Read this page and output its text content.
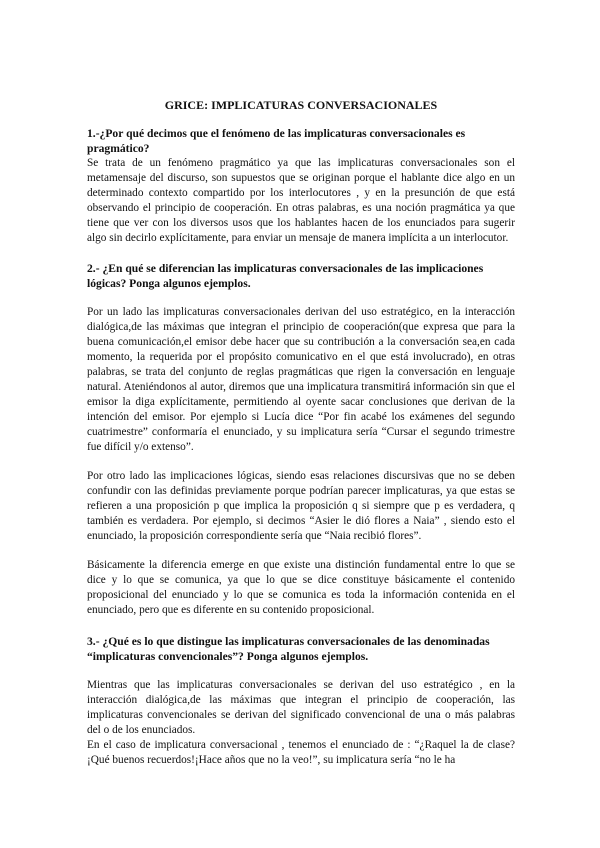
GRICE: IMPLICATURAS CONVERSACIONALES
1.-¿Por qué decimos que el fenómeno de las implicaturas conversacionales es pragmático?

Se trata de un fenómeno pragmático ya que las implicaturas conversacionales son el metamensaje del discurso, son supuestos que se originan porque el hablante dice algo en un determinado contexto compartido por los interlocutores , y en la presunción de que está observando el principio de cooperación. En otras palabras, es una noción pragmática ya que tiene que ver con los diversos usos que los hablantes hacen de los enunciados para sugerir algo sin decirlo explícitamente, para enviar un mensaje de manera implícita a un interlocutor.

2.- ¿En qué se diferencian las implicaturas conversacionales de las implicaciones lógicas? Ponga algunos ejemplos.

Por un lado las implicaturas conversacionales derivan del uso estratégico, en la interacción dialógica,de las máximas que integran el principio de cooperación(que expresa que para la buena comunicación,el emisor debe hacer que su contribución a la conversación sea,en cada momento, la requerida por el propósito comunicativo en el que está involucrado), en otras palabras, se trata del conjunto de reglas pragmáticas que rigen la conversación en lenguaje natural. Ateniéndonos al autor, diremos que una implicatura transmitirá información sin que el emisor la diga explícitamente, permitiendo al oyente sacar conclusiones que derivan de la intención del emisor. Por ejemplo si Lucía dice “Por fin acabé los exámenes del segundo cuatrimestre” conformaría el enunciado, y su implicatura sería “Cursar el segundo trimestre fue difícil y/o extenso”.

Por otro lado las implicaciones lógicas, siendo esas relaciones discursivas que no se deben confundir con las definidas previamente porque podrían parecer implicaturas, ya que estas se refieren a una proposición p que implica la proposición q si siempre que p es verdadera, q también es verdadera. Por ejemplo, si decimos “Asier le dió flores a Naia” , siendo esto el enunciado, la proposición correspondiente sería que “Naia recibió flores”.

Básicamente la diferencia emerge en que existe una distinción fundamental entre lo que se dice y lo que se comunica, ya que lo que se dice constituye básicamente el contenido proposicional del enunciado y lo que se comunica es toda la información contenida en el enunciado, pero que es diferente en su contenido proposicional.

3.- ¿Qué es lo que distingue las implicaturas conversacionales de las denominadas “implicaturas convencionales”? Ponga algunos ejemplos.

Mientras que las implicaturas conversacionales se derivan del uso estratégico , en la interacción dialógica,de las máximas que integran el principio de cooperación, las implicaturas convencionales se derivan del significado convencional de una o más palabras del o de los enunciados.

En el caso de implicatura conversacional , tenemos el enunciado de : “¿Raquel la de clase? ¡Qué buenos recuerdos!¡Hace años que no la veo!”, su implicatura sería “no le ha
